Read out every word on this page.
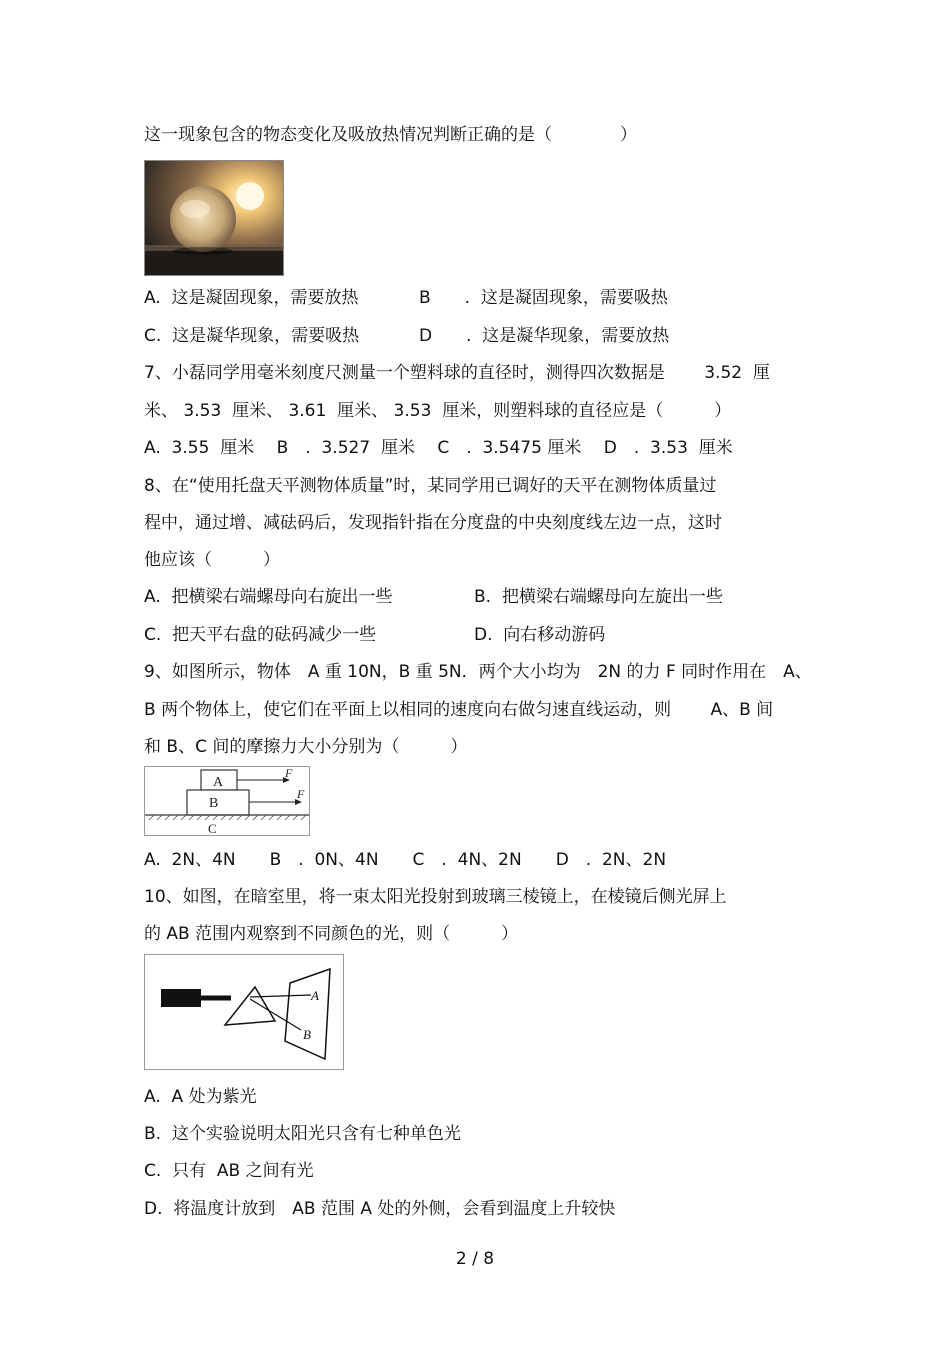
这一现象包含的物态变化及吸放热情况判断正确的是（　　　　）
A.  这是凝固现象，需要放热	B　　.  这是凝固现象，需要吸热
C.  这是凝华现象，需要吸热	D　　.  这是凝华现象，需要放热
7、小磊同学用毫米刻度尺测量一个塑料球的直径时，测得四次数据是　　 3.52  厘
米、 3.53  厘米、 3.61  厘米、 3.53  厘米，则塑料球的直径应是（　　　）
A.  3.55  厘米　 B　.  3.527  厘米　 C　.  3.5475 厘米　 D　.  3.53  厘米
8、在“使用托盘天平测物体质量”时，某同学用已调好的天平在测物体质量过
程中，通过增、减砝码后，发现指针指在分度盘的中央刻度线左边一点，这时
他应该（　　　）
A.  把横梁右端螺母向右旋出一些	B.  把横梁右端螺母向左旋出一些
C.  把天平右盘的砝码减少一些	D.  向右移动游码
9、如图所示，物体　A 重 10N，B 重 5N．两个大小均为　2N 的力 F 同时作用在　A、
B 两个物体上，使它们在平面上以相同的速度向右做匀速直线运动，则　　 A、B 间
和 B、C 间的摩擦力大小分别为（　　　）
A
B
C
F
F
A.  2N、4N　　B　.  0N、4N　　C　.  4N、2N　　D　.  2N、2N
10、如图，在暗室里，将一束太阳光投射到玻璃三棱镜上，在棱镜后侧光屏上
的 AB 范围内观察到不同颜色的光，则（　　　）
A
B
A.  A 处为紫光
B.  这个实验说明太阳光只含有七种单色光
C.  只有  AB 之间有光
D.  将温度计放到　AB 范围 A 处的外侧，会看到温度上升较快
2 / 8
